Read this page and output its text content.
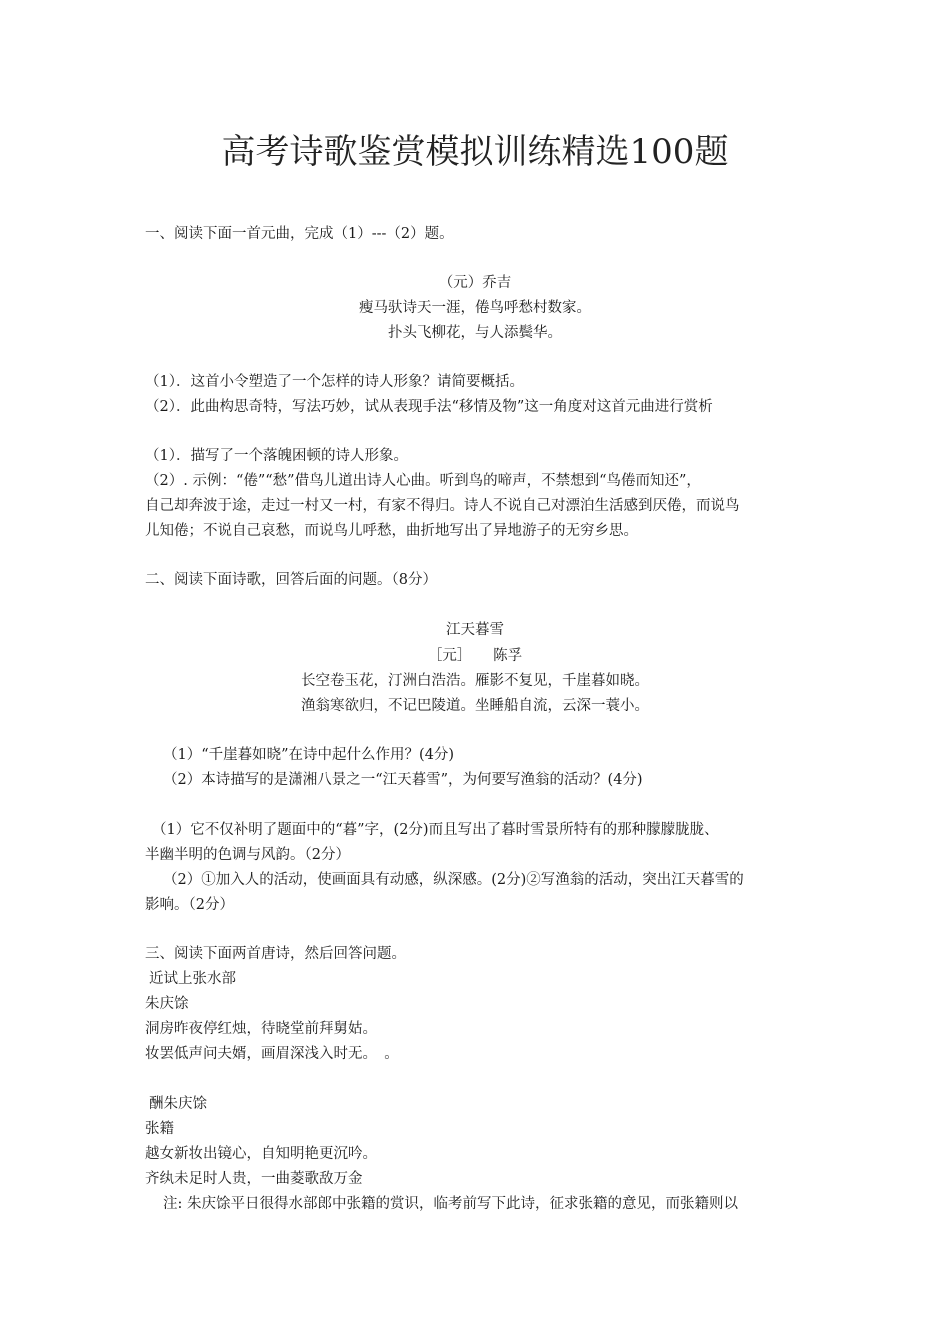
高考诗歌鉴赏模拟训练精选100题
一、阅读下面一首元曲，完成（1）---（2）题。
（元）乔吉
瘦马驮诗天一涯，倦鸟呼愁村数家。
扑头飞柳花，与人添鬓华。
（1）．这首小令塑造了一个怎样的诗人形象？请简要概括。
（2）．此曲构思奇特，写法巧妙，试从表现手法“移情及物”这一角度对这首元曲进行赏析
（1）．描写了一个落魄困顿的诗人形象。
（2）. 示例：“倦”“愁”借鸟儿道出诗人心曲。听到鸟的啼声，不禁想到“鸟倦而知还”，
自己却奔波于途，走过一村又一村，有家不得归。诗人不说自己对漂泊生活感到厌倦，而说鸟
儿知倦；不说自己哀愁，而说鸟儿呼愁，曲折地写出了异地游子的无穷乡思。
二、阅读下面诗歌，回答后面的问题。（8分）
江天暮雪
［元］　　陈孚
长空卷玉花，汀洲白浩浩。雁影不复见，千崖暮如晓。
渔翁寒欲归，不记巴陵道。坐睡船自流，云深一蓑小。
（1）“千崖暮如晓”在诗中起什么作用？(4分)
（2）本诗描写的是潇湘八景之一“江天暮雪”，为何要写渔翁的活动？(4分)
（1）它不仅补明了题面中的“暮”字，(2分)而且写出了暮时雪景所特有的那种朦朦胧胧、
半幽半明的色调与风韵。（2分）
（2）①加入人的活动，使画面具有动感，纵深感。(2分)②写渔翁的活动，突出江天暮雪的
影响。（2分）
三、阅读下面两首唐诗，然后回答问题。
近试上张水部
朱庆馀
洞房昨夜停红烛，待晓堂前拜舅姑。
妆罢低声问夫婿，画眉深浅入时无。　。
酬朱庆馀
张籍
越女新妆出镜心，自知明艳更沉吟。
齐纨未足时人贵，一曲菱歌敌万金
注: 朱庆馀平日很得水部郎中张籍的赏识，临考前写下此诗，征求张籍的意见，而张籍则以
